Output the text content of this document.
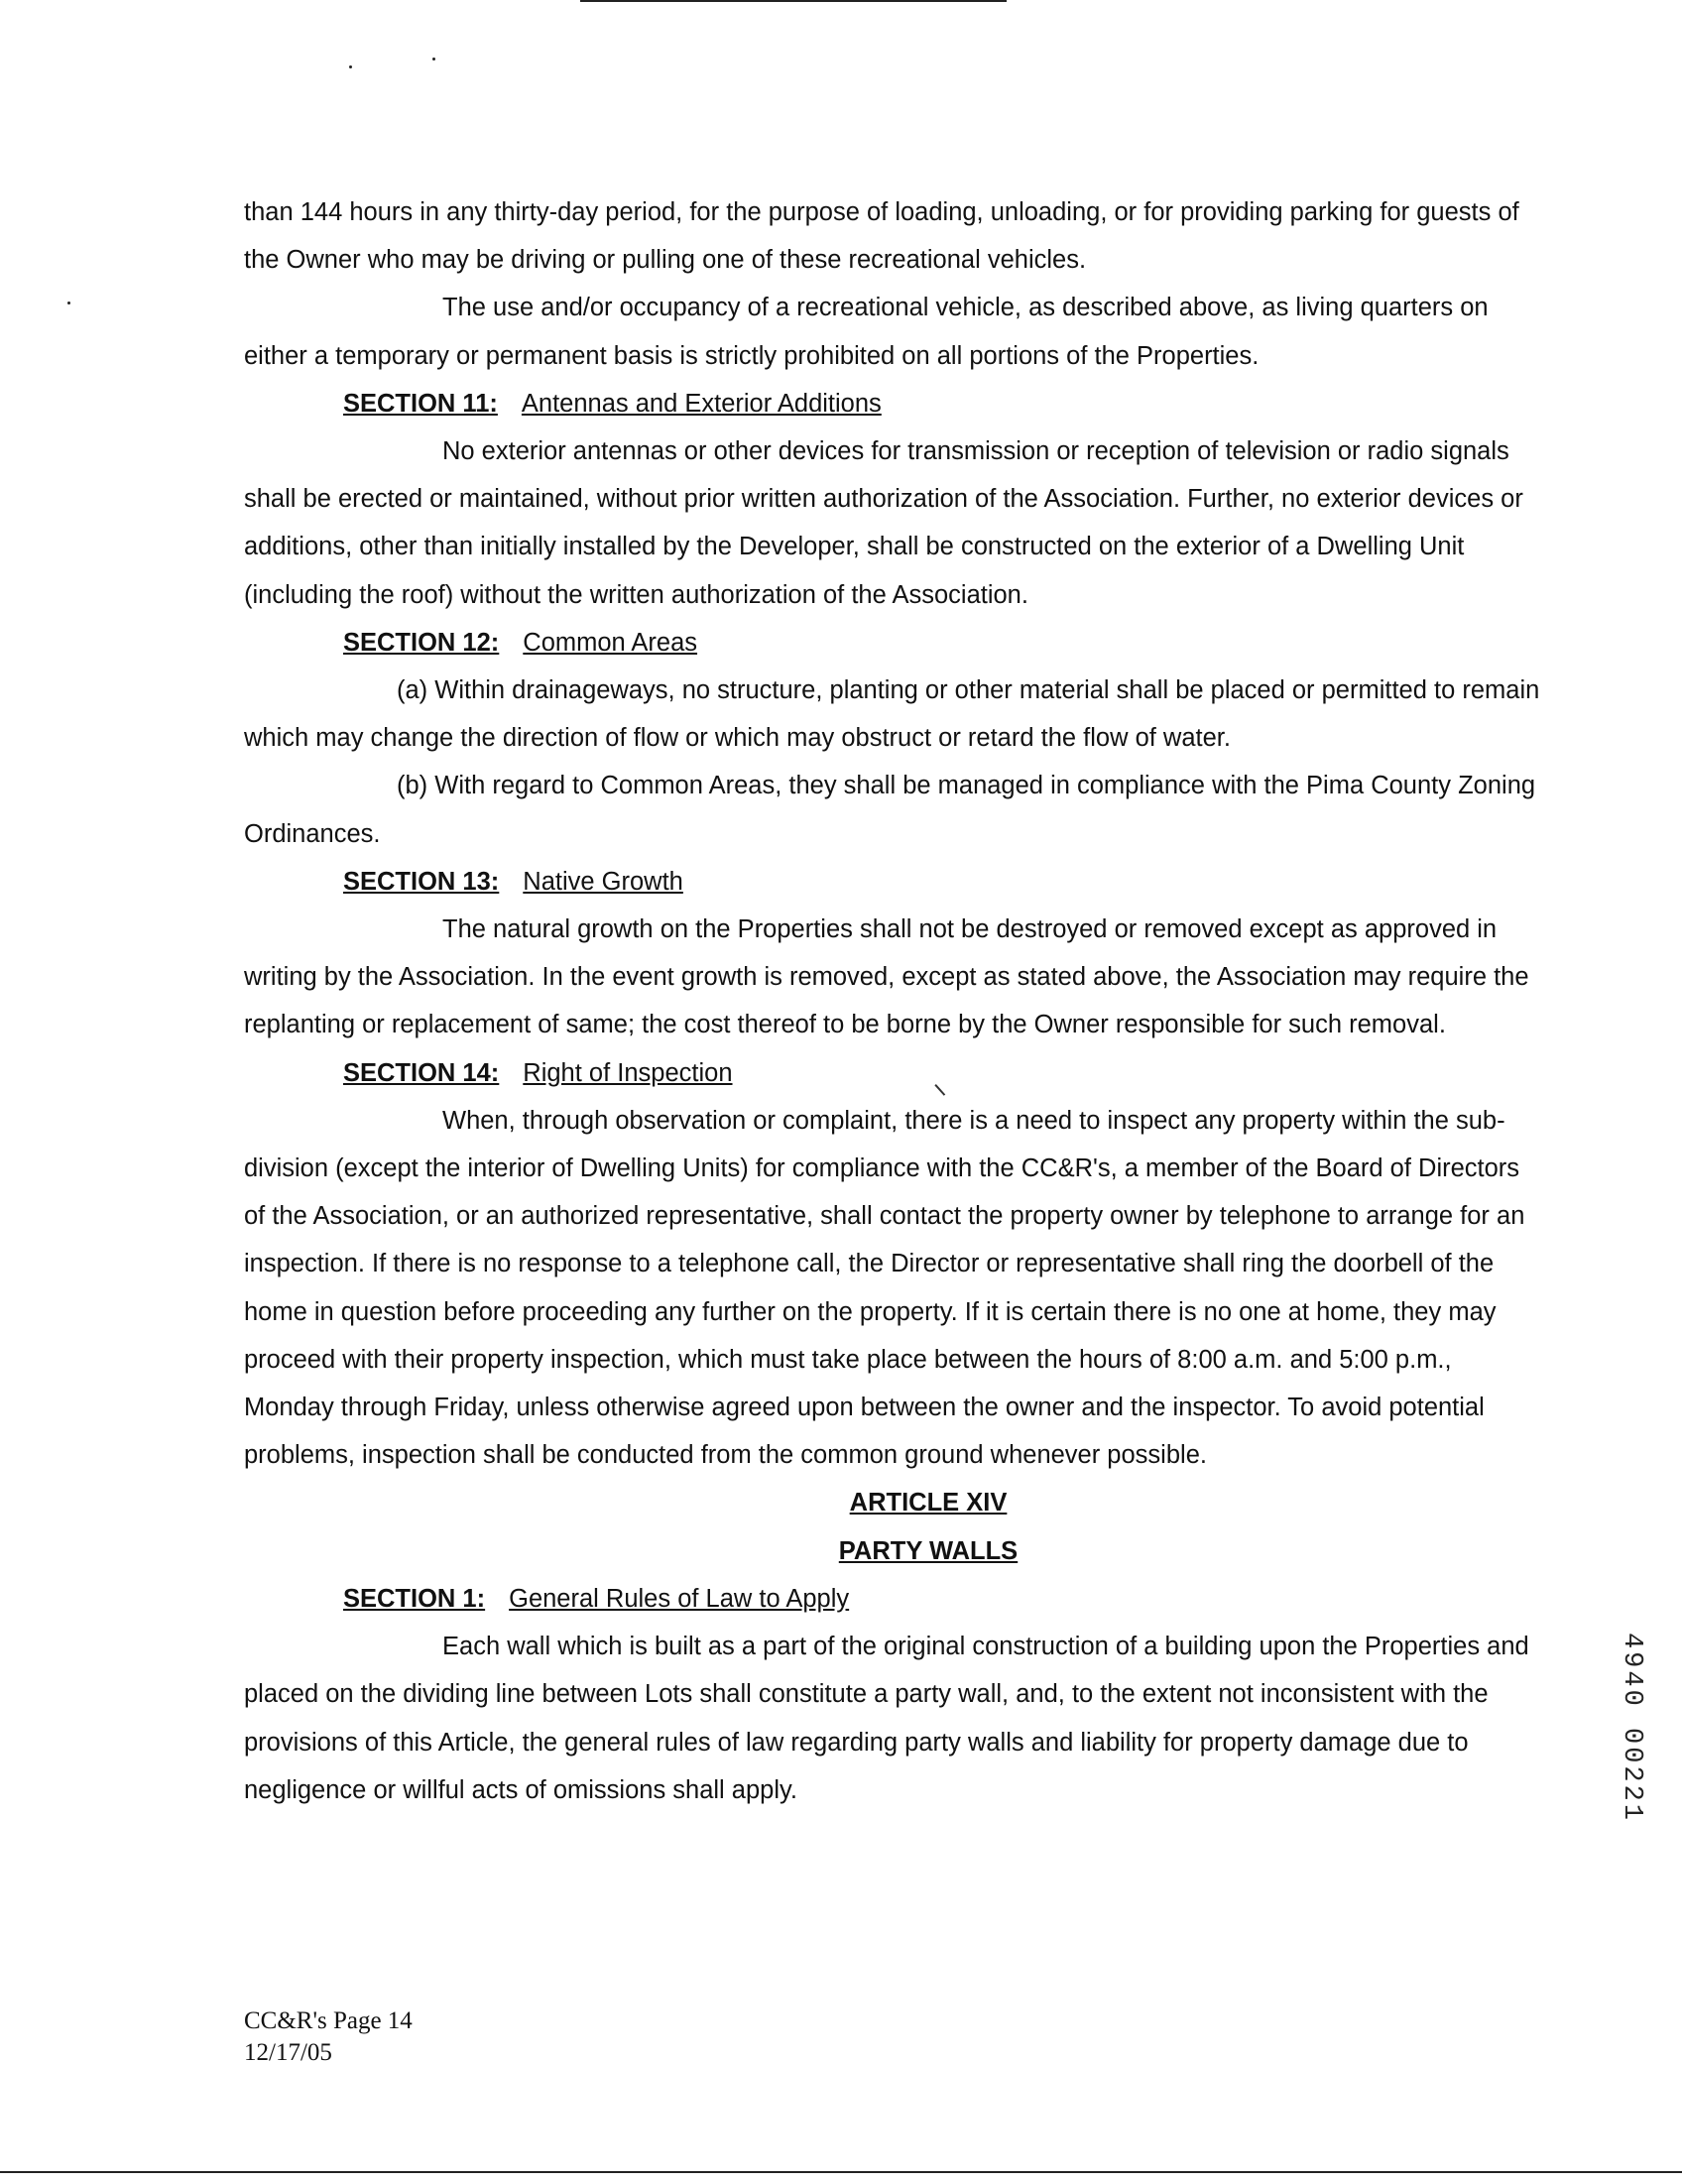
than 144 hours in any thirty-day period, for the purpose of loading, unloading, or for providing parking for guests of the Owner who may be driving or pulling one of these recreational vehicles.

The use and/or occupancy of a recreational vehicle, as described above, as living quarters on either a temporary or permanent basis is strictly prohibited on all portions of the Properties.

SECTION 11: Antennas and Exterior Additions

No exterior antennas or other devices for transmission or reception of television or radio signals shall be erected or maintained, without prior written authorization of the Association. Further, no exterior devices or additions, other than initially installed by the Developer, shall be constructed on the exterior of a Dwelling Unit (including the roof) without the written authorization of the Association.

SECTION 12: Common Areas

(a) Within drainageways, no structure, planting or other material shall be placed or permitted to remain which may change the direction of flow or which may obstruct or retard the flow of water.

(b) With regard to Common Areas, they shall be managed in compliance with the Pima County Zoning Ordinances.

SECTION 13: Native Growth

The natural growth on the Properties shall not be destroyed or removed except as approved in writing by the Association. In the event growth is removed, except as stated above, the Association may require the replanting or replacement of same; the cost thereof to be borne by the Owner responsible for such removal.

SECTION 14: Right of Inspection

When, through observation or complaint, there is a need to inspect any property within the sub-division (except the interior of Dwelling Units) for compliance with the CC&R's, a member of the Board of Directors of the Association, or an authorized representative, shall contact the property owner by telephone to arrange for an inspection. If there is no response to a telephone call, the Director or representative shall ring the doorbell of the home in question before proceeding any further on the property. If it is certain there is no one at home, they may proceed with their property inspection, which must take place between the hours of 8:00 a.m. and 5:00 p.m., Monday through Friday, unless otherwise agreed upon between the owner and the inspector. To avoid potential problems, inspection shall be conducted from the common ground whenever possible.

ARTICLE XIV

PARTY WALLS

SECTION 1: General Rules of Law to Apply

Each wall which is built as a part of the original construction of a building upon the Properties and placed on the dividing line between Lots shall constitute a party wall, and, to the extent not inconsistent with the provisions of this Article, the general rules of law regarding party walls and liability for property damage due to negligence or willful acts of omissions shall apply.

CC&R's Page 14
12/17/05
4940 00221
